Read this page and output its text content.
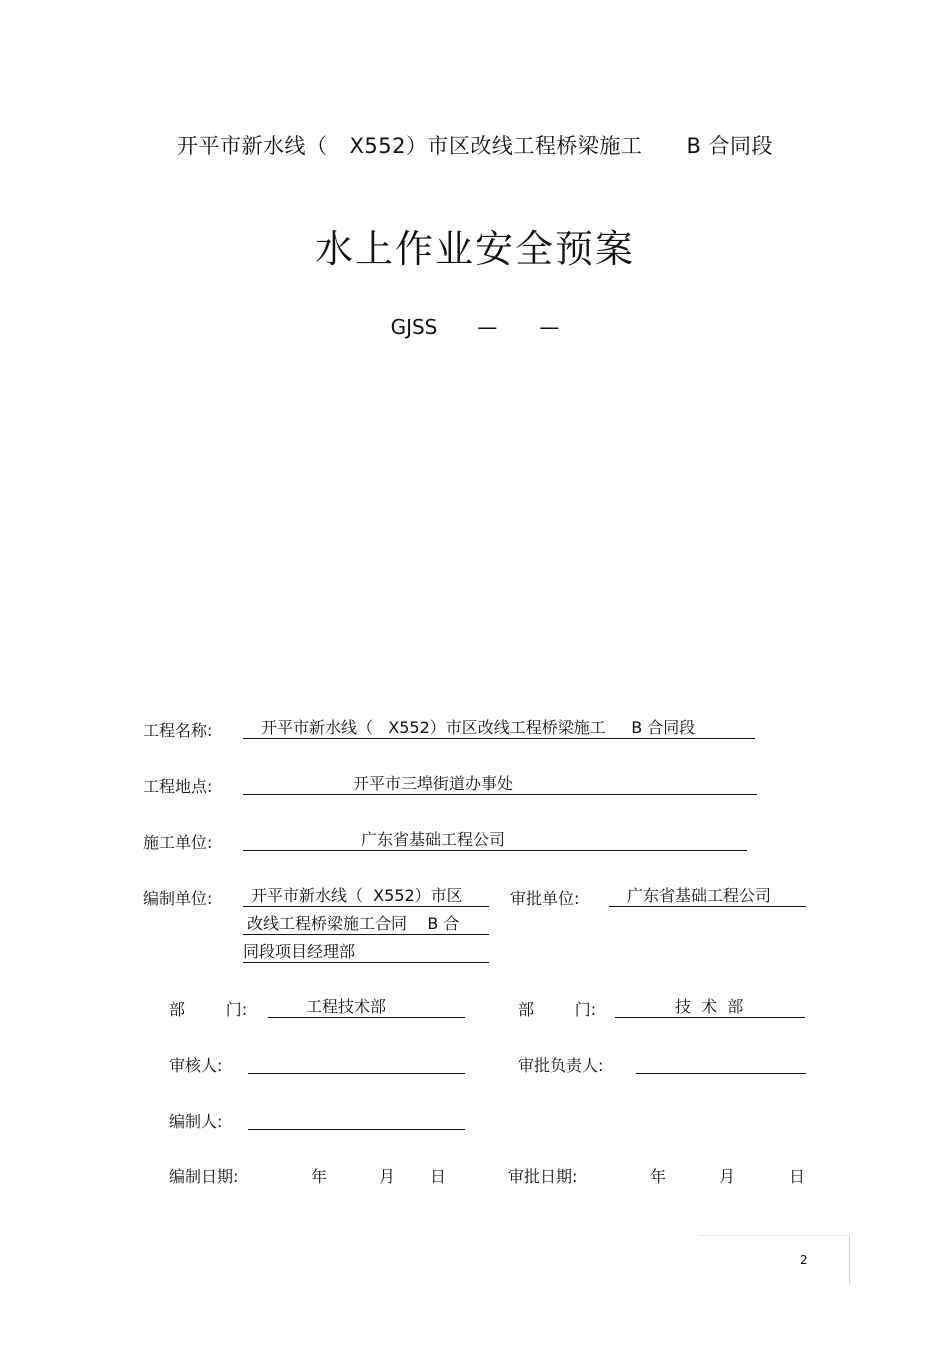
开平市新水线（ X552）市区改线工程桥梁施工 B 合同段
水上作业安全预案
GJSS — —
工程名称:	开平市新水线（   X552）市区改线工程桥梁施工     B 合同段
工程地点:	开平市三埠街道办事处
施工单位:	广东省基础工程公司
编制单位:	开平市新水线（  X552）市区
改线工程桥梁施工合同    B 合
同段项目经理部
审批单位:	广东省基础工程公司
部        门:	工程技术部	部        门:	技  术  部
审核人:	审批负责人:
编制人:
编制日期:	年	月 日	审批日期:	年	月	日
2
